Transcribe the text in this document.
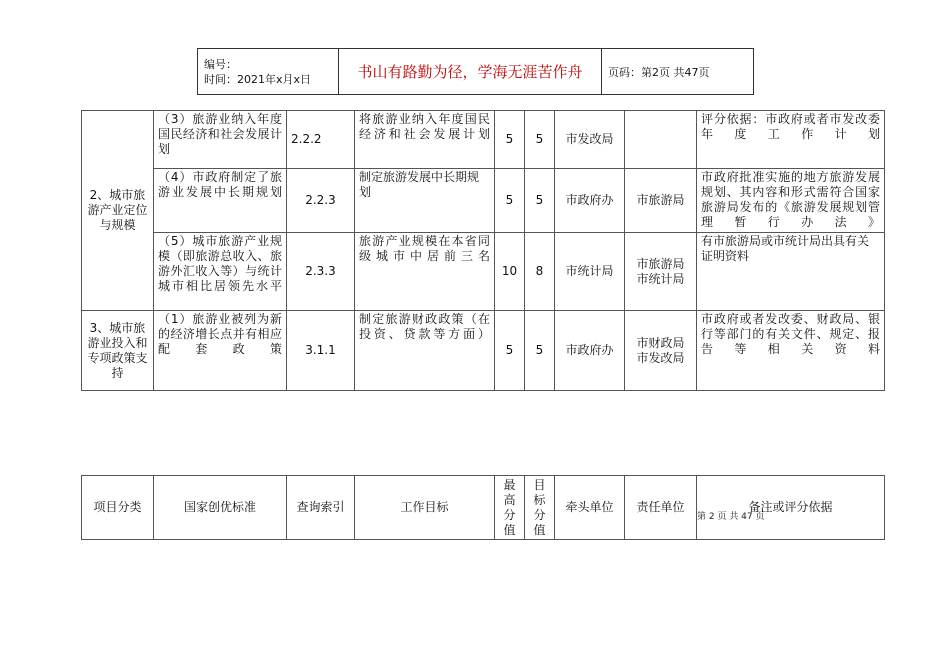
编号：
时间：2021年x月x日	书山有路勤为径，学海无涯苦作舟	页码：第2页 共47页
2、城市旅游产业定位与规模	（3）旅游业纳入年度国民经济和社会发展计划	2.2.2	将旅游业纳入年度国民经济和社会发展计划	5	5	市发改局		评分依据：市政府或者市发改委年度工作计划
	（4）市政府制定了旅游业发展中长期规划	2.2.3	制定旅游发展中长期规划	5	5	市政府办	市旅游局	市政府批准实施的地方旅游发展规划、其内容和形式需符合国家旅游局发布的《旅游发展规划管理暂行办法》
	（5）城市旅游产业规模（即旅游总收入、旅游外汇收入等）与统计城市相比居领先水平	2.3.3	旅游产业规模在本省同级城市中居前三名	10	8	市统计局	市旅游局 市统计局	有市旅游局或市统计局出具有关证明资料
3、城市旅游业投入和专项政策支持	（1）旅游业被列为新的经济增长点并有相应配套政策	3.1.1	制定旅游财政政策（在投资、贷款等方面）	5	5	市政府办	市财政局 市发改局	市政府或者发改委、财政局、银行等部门的有关文件、规定、报告等相关资料
项目分类	国家创优标准	查询索引	工作目标	最高分值	目标分值	牵头单位	责任单位	备注或评分依据
第 2 页 共 47 页
